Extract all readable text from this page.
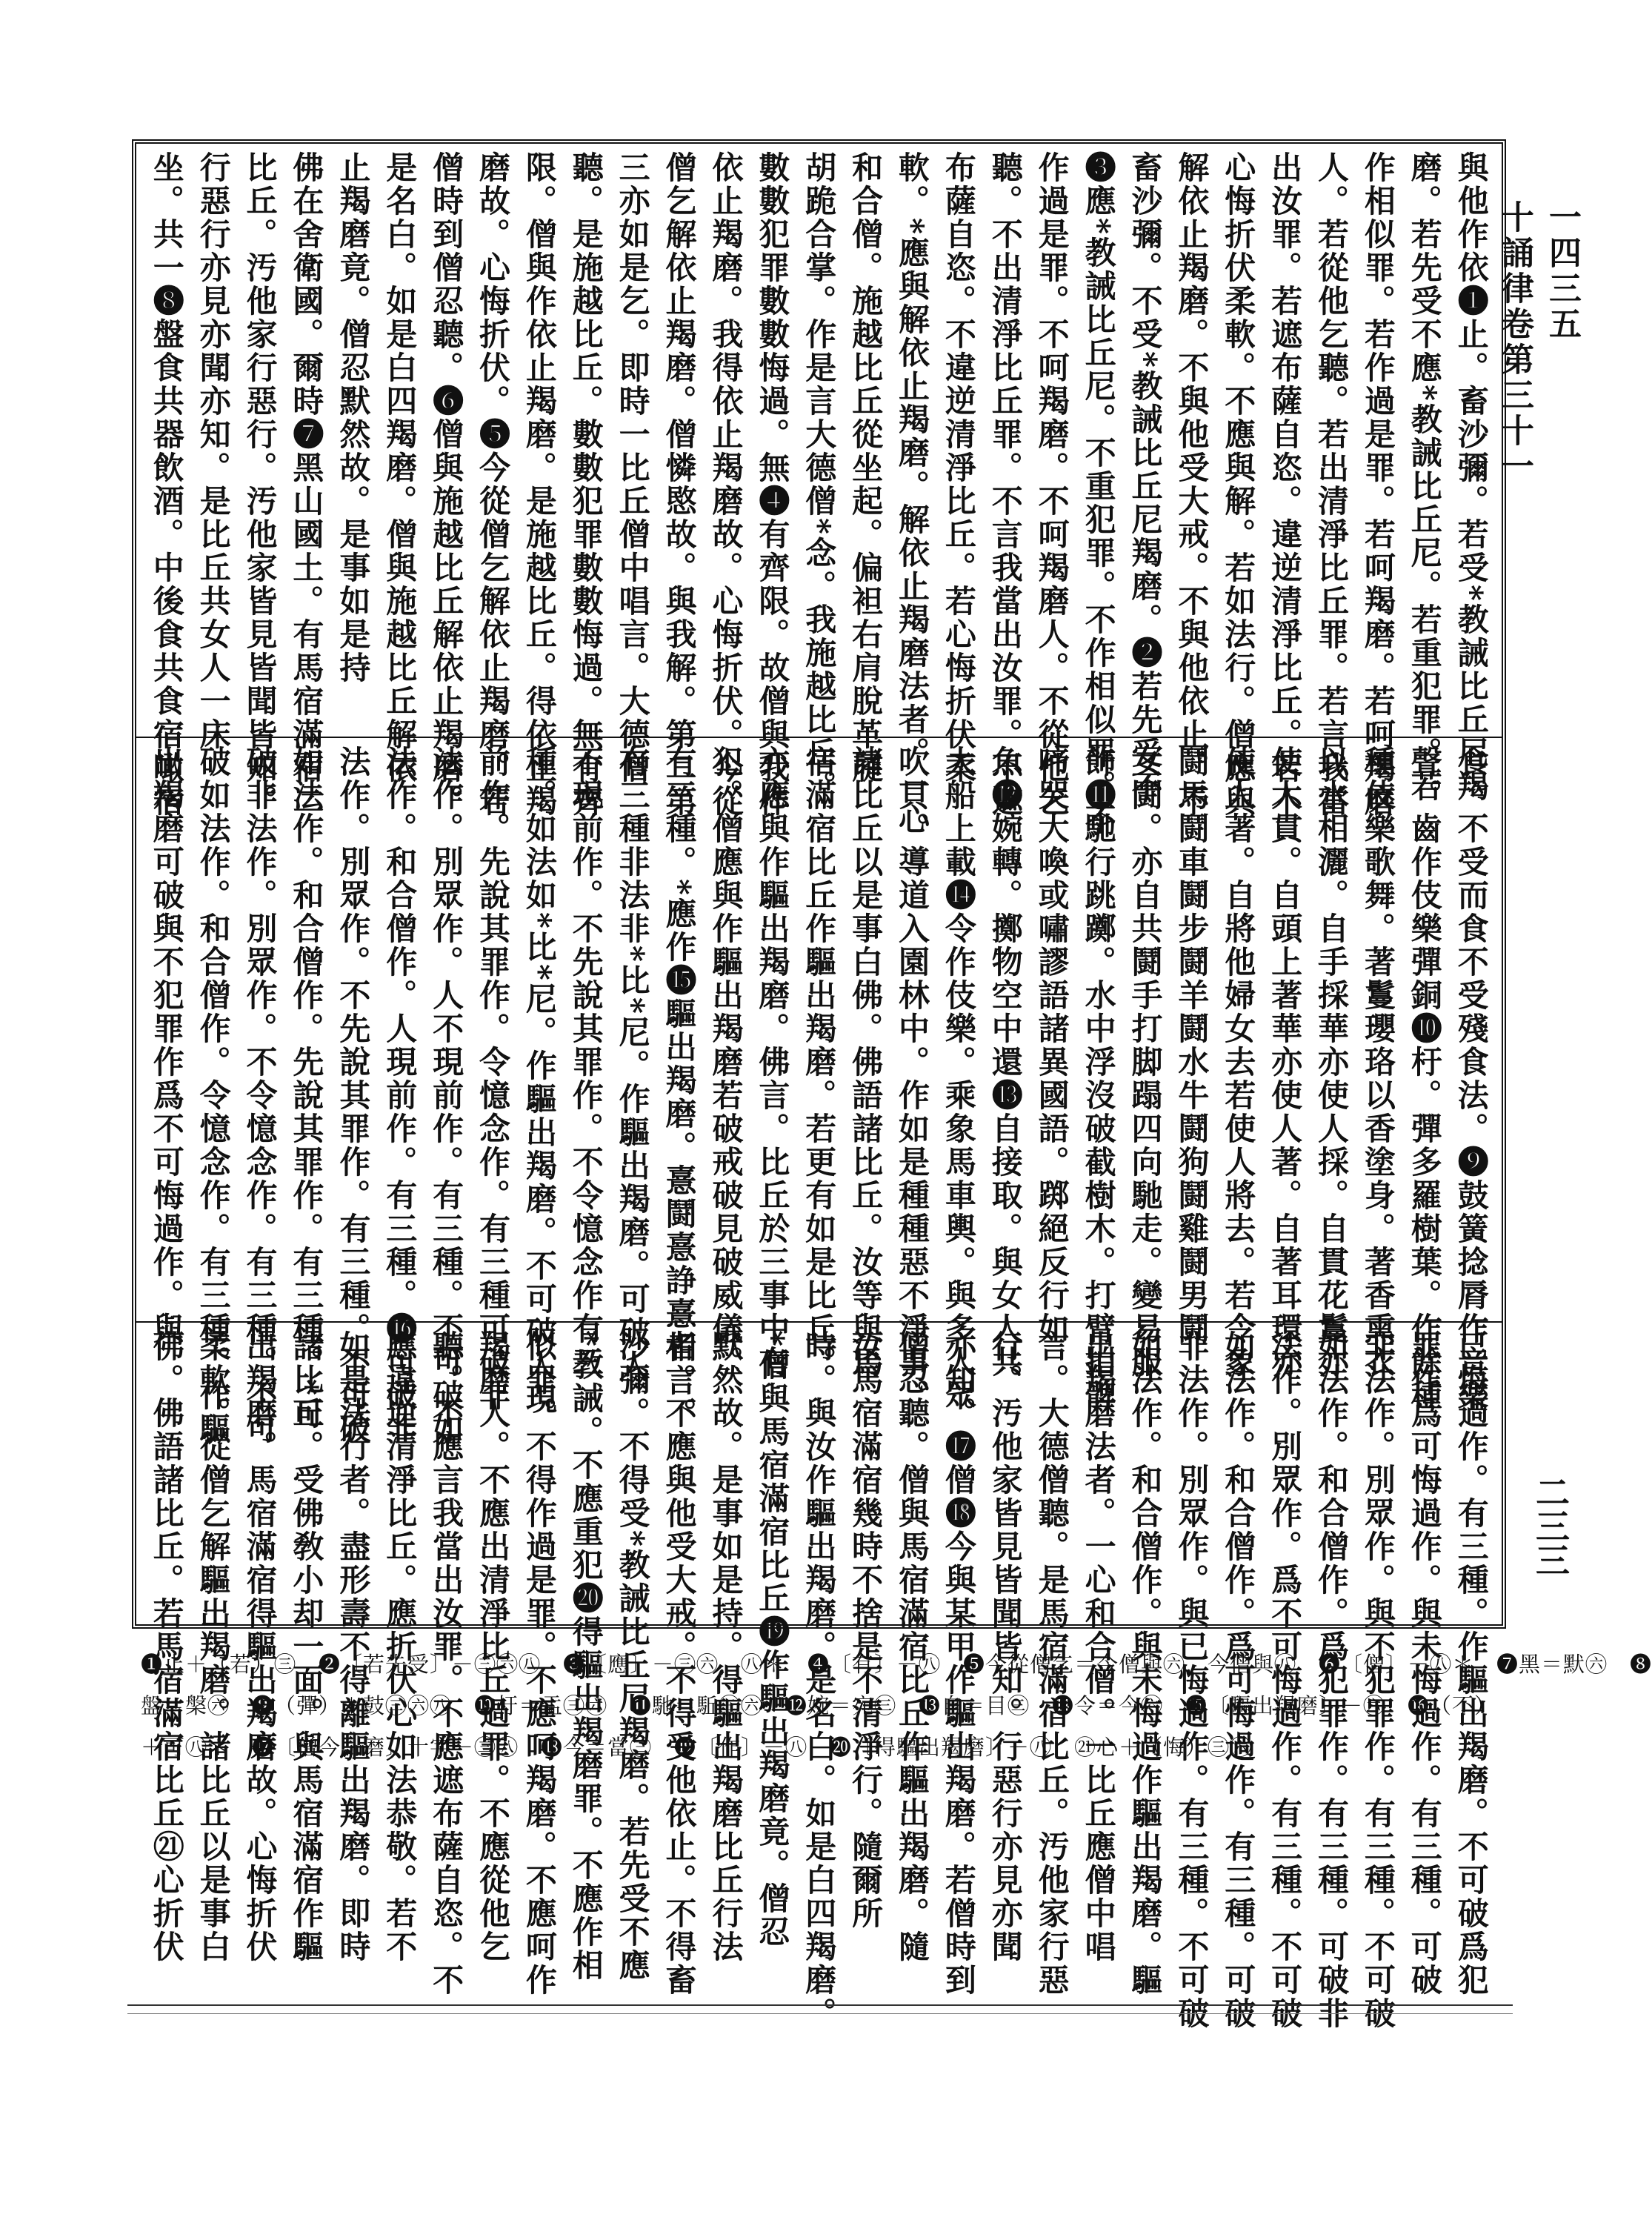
一四三五
十誦律卷第三十一
二三三
與他作依❶止。畜沙彌。若受*教誡比丘尼羯
磨。若先受不應*教誡比丘尼。若重犯罪。若
作相似罪。若作過是罪。若呵羯磨。若呵羯磨
人。若從他乞聽。若出清淨比丘罪。若言我當
出汝罪。若遮布薩自恣。違逆清淨比丘。若不
心悔折伏柔軟。不應與解。若如法行。僧應與
解依止羯磨。不與他受大戒。不與他依止。不
畜沙彌。不受*教誡比丘尼羯磨。❷若先受不
❸應*教誡比丘尼。不重犯罪。不作相似罪。不
作過是罪。不呵羯磨。不呵羯磨人。不從他乞
聽。不出清淨比丘罪。不言我當出汝罪。不遮
布薩自恣。不違逆清淨比丘。若心悔折伏柔
軟。*應與解依止羯磨。解依止羯磨法者。一心
和合僧。施越比丘從坐起。偏袒右肩脫革屣
胡跪合掌。作是言大德僧*念。我施越比丘。
數數犯罪數數悔過。無❹有齊限。故僧與我作
依止羯磨。我得依止羯磨故。心悔折伏。今從
僧乞解依止羯磨。僧憐愍故。與我解。第二第
三亦如是乞。即時一比丘僧中唱言。大德僧
聽。是施越比丘。數數犯罪數數悔過。無有齊
限。僧與作依止羯磨。是施越比丘。得依止羯
磨故。心悔折伏。❺今從僧乞解依止羯磨。若
僧時到僧忍聽。❻僧與施越比丘解依止羯磨。
是名白。如是白四羯磨。僧與施越比丘解依
止羯磨竟。僧忍默然故。是事如是持
佛在舍衛國。爾時❼黑山國土。有馬宿滿宿二
比丘。汚他家行惡行。汚他家皆見皆聞皆知。
行惡行亦見亦聞亦知。是比丘共女人一床
坐。共一❽盤食共器飲酒。中後食共食宿噉宿
食。不受而食不受殘食法。❾鼓簧捻脣作音樂
聲。齒作伎樂彈銅❿杅。彈多羅樹葉。作餘種
種伎樂歌舞。著鬘瓔珞以香塗身。著香熏衣
以水相灑。自手採華亦使人採。自貫花鬘亦
使人貫。自頭上著華亦使人著。自著耳環亦
使人著。自將他婦女去若使人將去。若令象
鬪馬鬪車鬪步鬪羊鬪水牛鬪狗鬪雞鬪男鬪
女鬪。亦自共鬪手打脚蹋四向馳走。變易服
飾⓫馳行跳躑。水中浮沒破截樹木。打臂拍髀
啼哭大喚或嘯謬語諸異國語。踯絕反行如
魚⓬婉轉。擲物空中還⓭自接取。與女人共
大船上載⓮令作伎樂。乘象馬車輿。與多人眾
吹貝。導道入園林中。作如是種種惡不淨事。
諸比丘以是事白佛。佛語諸比丘。汝等與馬
宿滿宿比丘作驅出羯磨。若更有如是比丘。
亦應與作驅出羯磨。佛言。比丘於三事中有
犯。僧應與作驅出羯磨若破戒破見破威儀。
有三種。*應作⓯驅出羯磨。憙鬪憙諍憙相言。
有三種非法非*比*尼。作驅出羯磨。可破人
不現前作。不先說其罪作。不令憶念作有三
種。如法如*比*尼。作驅出羯磨。不可破人現
前作。先說其罪作。令憶念作。有三種可破非
法作。別眾作。人不現前作。有三種。不可破如
法作。和合僧作。人現前作。有三種。⓰可破非
法作。別眾作。不先說其罪作。有三種。不可破
如法作。和合僧作。先說其罪作。有三種。*可
破非法作。別眾作。不令憶念作。有三種。不可
破如法作。和合僧作。令憶念作。有三種。作驅
出羯磨可破與不犯罪作爲不可悔過作。與
已悔過作。有三種。作驅出羯磨。不可破爲犯
罪作爲可悔過作。與未悔過作。有三種。可破
非法作。別眾作。與不犯罪作。有三種。不可破
如法作。和合僧作。爲犯罪作。有三種。可破非
法作。別眾作。爲不可悔過作。有三種。不可破
如法作。和合僧作。爲可悔過作。有三種。可破
非法作。別眾作。與已悔過作。有三種。不可破
如法作。和合僧作。與未悔過作驅出羯磨。驅
出羯磨法者。一心和合僧。一比丘應僧中唱
言。大德僧聽。是馬宿滿宿比丘。汚他家行惡
行。汚他家皆見皆聞皆知。行惡行亦見亦聞
亦知。⓱僧⓲今與某甲作驅出羯磨。若僧時到
僧忍聽。僧與馬宿滿宿比丘作驅出羯磨。隨
汝馬宿滿宿幾時不捨是不清淨行。隨爾所
時。與汝作驅出羯磨。是名白。如是白四羯磨。
*僧與馬宿滿宿比丘⓳作驅出羯磨竟。僧忍
默然故。是事如是持。得驅出羯磨比丘行法
者。不應與他受大戒。不得受他依止。不得畜
沙彌。不得受*教誡比丘尼羯磨。若先受不應
*教誡。不應重犯⓴得驅出羯磨罪。不應作相
似罪。不得作過是罪。不應呵羯磨。不應呵作
羯磨人。不應出清淨比丘過罪。不應從他乞
聽。不應言我當出汝罪。不應遮布薩自恣。不
應違逆清淨比丘。應折伏心如法恭敬。若不
如是法行者。盡形壽不得離驅出羯磨。即時
諸比丘。受佛敎小却一面。與馬宿滿宿作驅
出羯磨。馬宿滿宿得驅出羯磨故。心悔折伏
柔軟。從僧乞解驅出羯磨。諸比丘以是事白
佛。佛語諸比丘。若馬宿滿宿比丘㉑心折伏
❶止＋（若）㊂　❷〔若先受〕－㊂㊅㊇　❸〔應〕－㊂㊅，㊇＊　❹〔有〕－㊇　❺今從僧乞＝今僧與㊅，今僧與㊇　❻〔僧〕－㊇＊　❼黑＝默㊅　❽
盤＝槃㊅　❾（彈）＋鼓㊂㊅㊇　❿杅＝盂㊂㊅　⓫馳＝駈㊂㊅　⓬婉＝宛㊂　⓭自＝目㊂　⓮令＝今㊅　⓯〔驅出羯磨〕－㊅　⓰（不）
＋可㊇＊　⓱〔僧今…磨〕十字－㊂㊇　⓲今＝當㊂　⓳〔作〕－㊇　⓴〔得驅出羯磨〕－㊇　㉑心＋（悔）㊂㊅
